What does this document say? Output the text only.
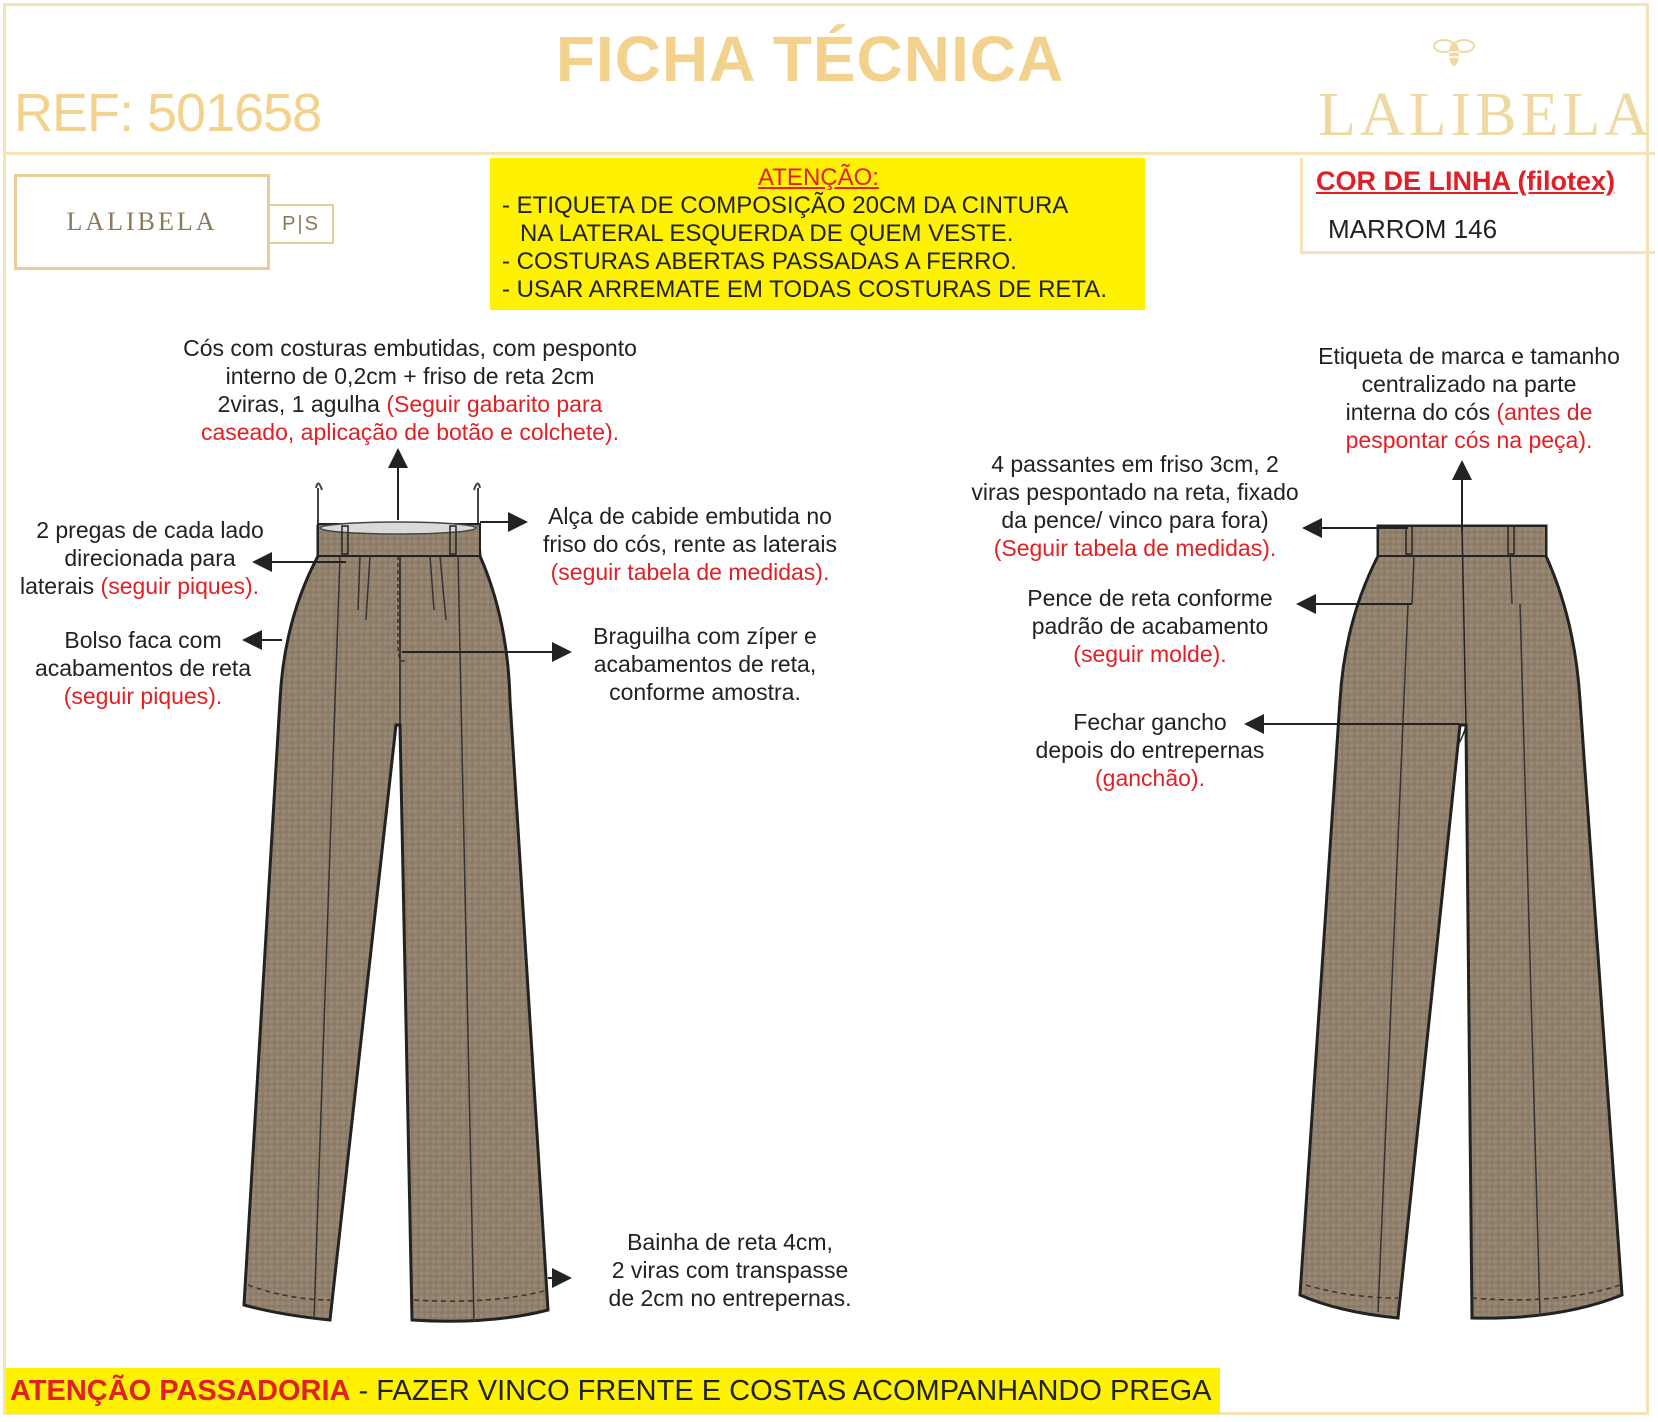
FICHA TÉCNICA
REF: 501658	LALIBELA
LALIBELA	P|S
ATENÇÃO:
- ETIQUETA DE COMPOSIÇÃO 20CM DA CINTURA
NA LATERAL ESQUERDA DE QUEM VESTE.
- COSTURAS ABERTAS PASSADAS A FERRO.
- USAR ARREMATE EM TODAS COSTURAS DE RETA.
COR DE LINHA (filotex)
MARROM 146
Cós com costuras embutidas, com pesponto
interno de 0,2cm + friso de reta 2cm
2viras, 1 agulha (Seguir gabarito para
caseado, aplicação de botão e colchete).
2 pregas de cada lado
direcionada para
laterais (seguir piques).
Alça de cabide embutida no
friso do cós, rente as laterais
(seguir tabela de medidas).
Bolso faca com
acabamentos de reta
(seguir piques).
Braguilha com zíper e
acabamentos de reta,
conforme amostra.
Bainha de reta 4cm,
2 viras com transpasse
de 2cm no entrepernas.
Etiqueta de marca e tamanho
centralizado na parte
interna do cós (antes de
pespontar cós na peça).
4 passantes em friso 3cm, 2
viras pespontado na reta, fixado
da pence/ vinco para fora)
(Seguir tabela de medidas).
Pence de reta conforme
padrão de acabamento
(seguir molde).
Fechar gancho
depois do entrepernas
(ganchão).
ATENÇÃO PASSADORIA - FAZER VINCO FRENTE E COSTAS ACOMPANHANDO PREGA
